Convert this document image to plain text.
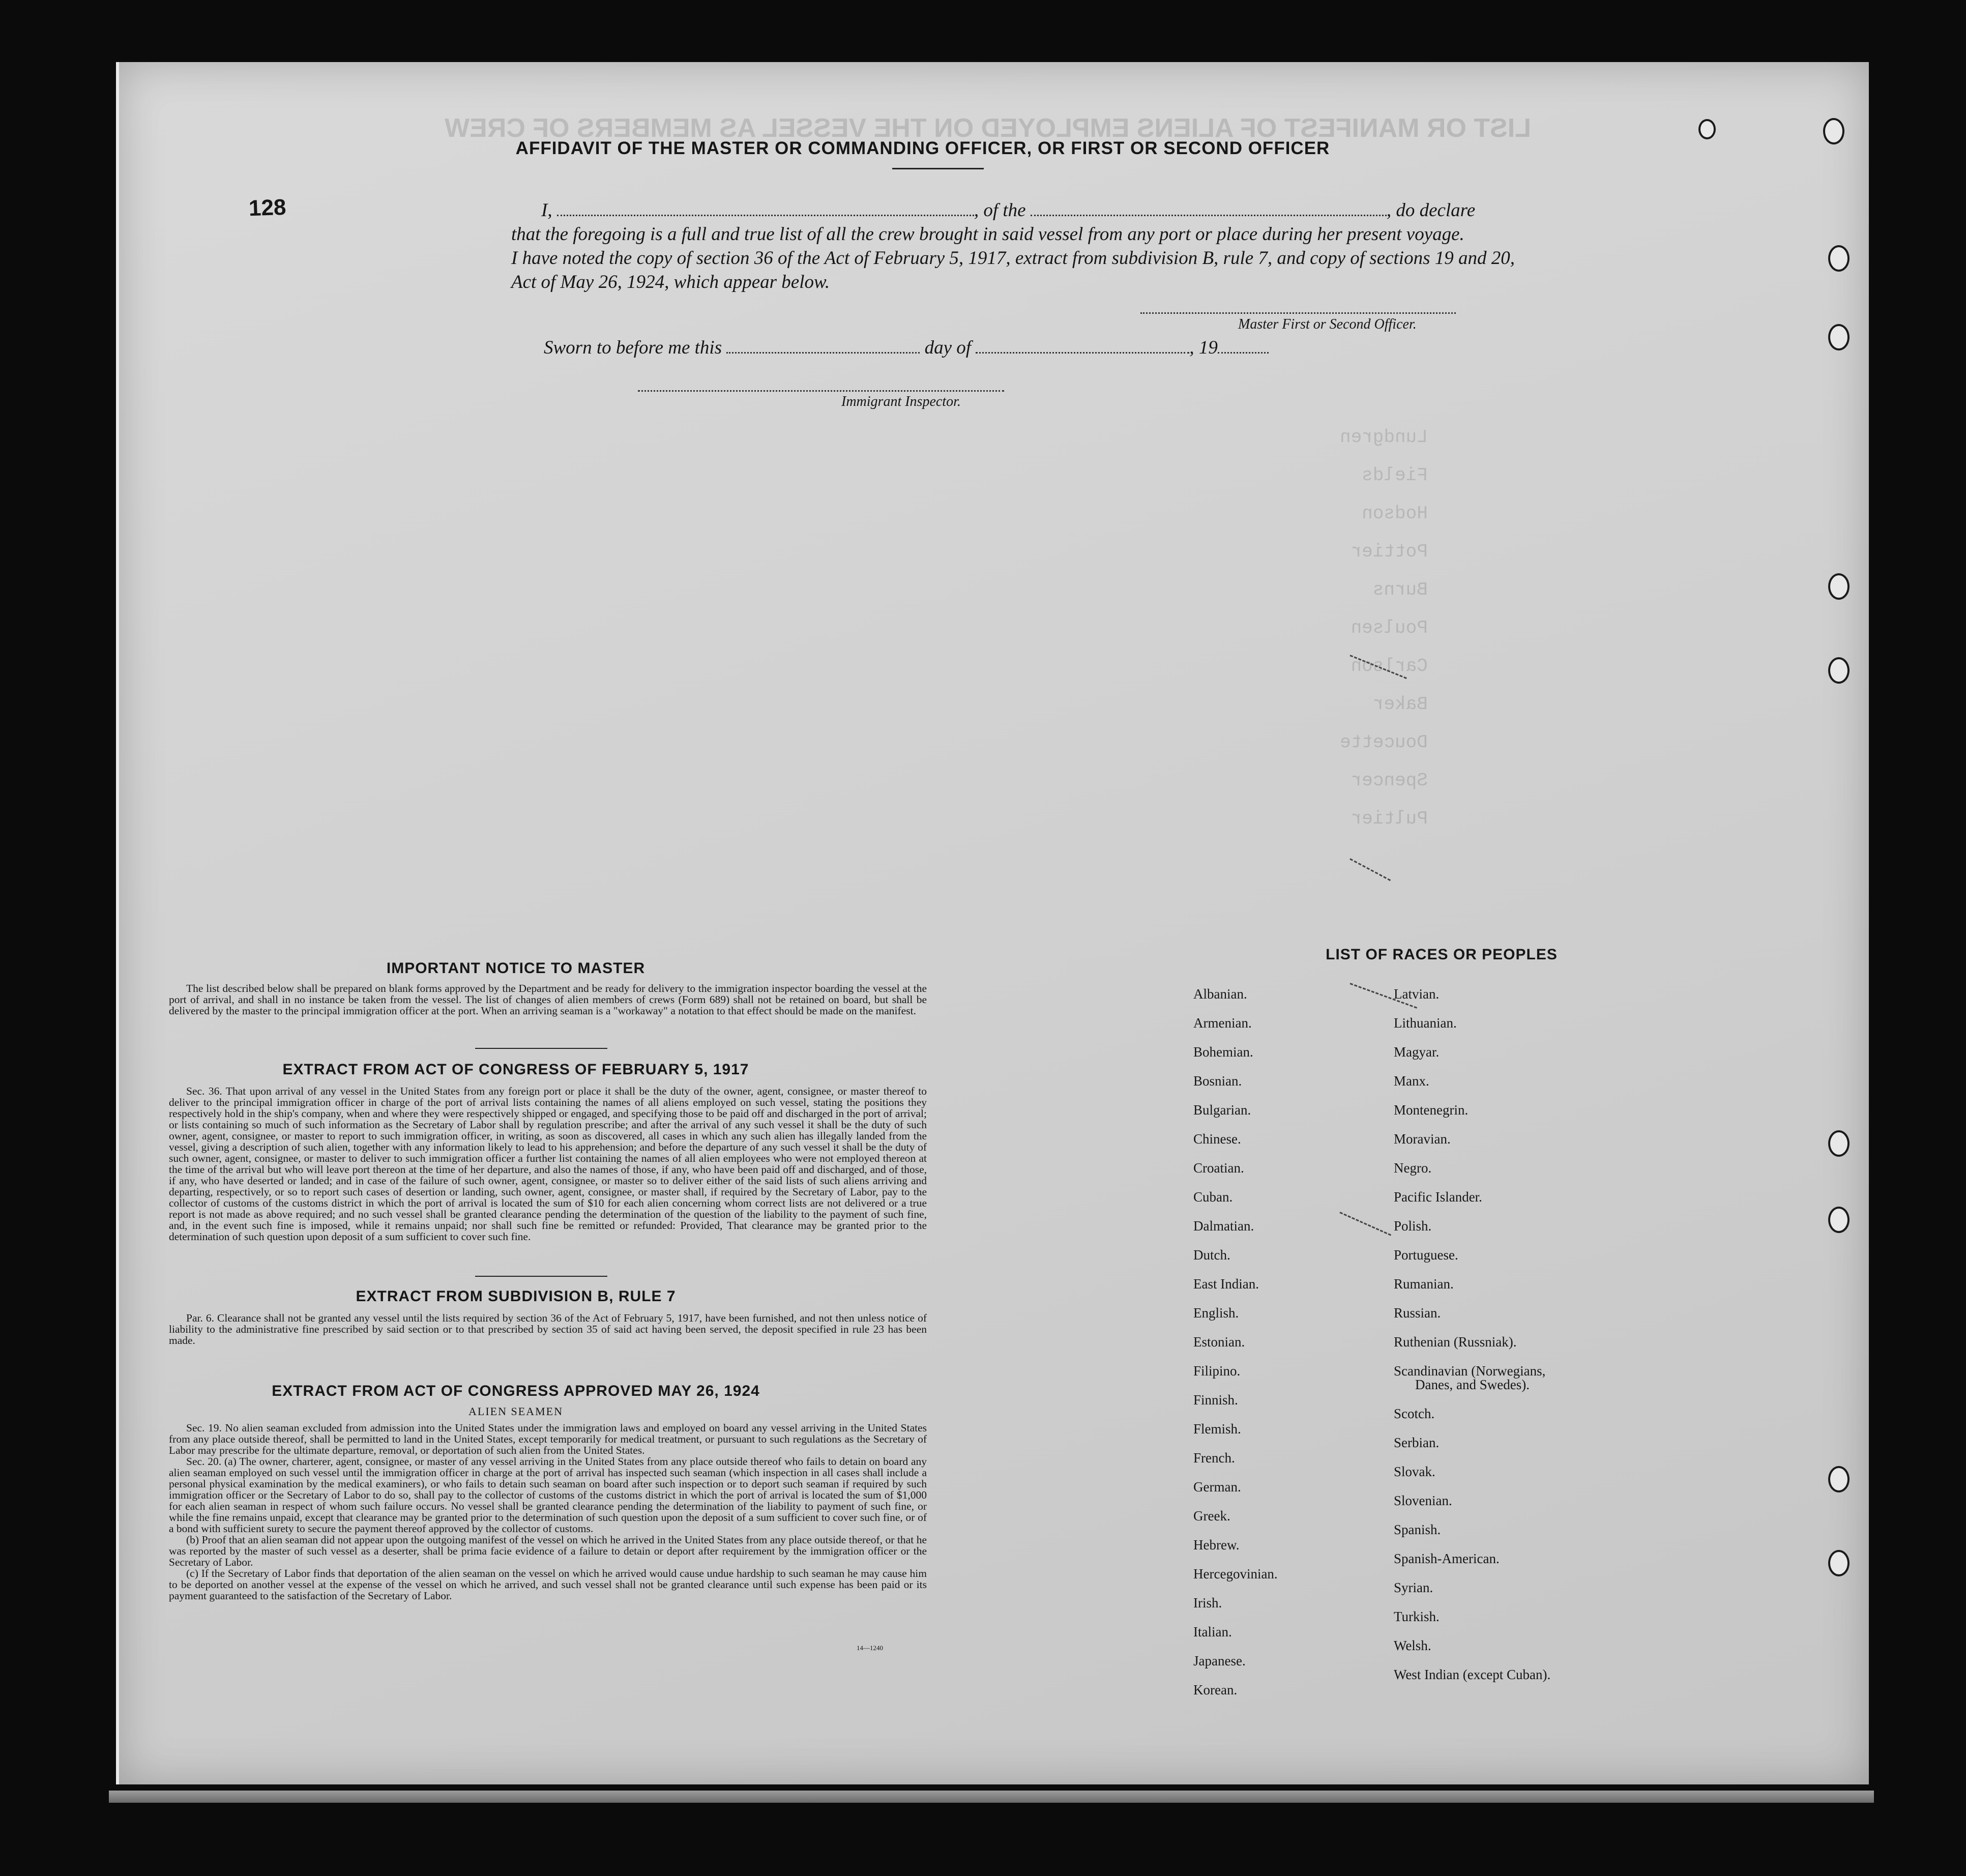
LIST OR MANIFEST OF ALIENS EMPLOYED ON THE VESSEL AS MEMBERS OF CREW
Lundgren
Fields
Hodson
Pottier
Burns
Poulsen
Carlson
Baker
Doucette
Spencer
Pultier
AFFIDAVIT OF THE MASTER OR COMMANDING OFFICER, OR FIRST OR SECOND OFFICER
128	I,	, of the	, do declare
that the foregoing is a full and true list of all the crew brought in said vessel from any port or place during her present voyage.
I have noted the copy of section 36 of the Act of February 5, 1917, extract from subdivision B, rule 7, and copy of sections 19 and 20,
Act of May 26, 1924, which appear below.
Master First or Second Officer.
Sworn to before me this	day of	, 19
Immigrant Inspector.
IMPORTANT NOTICE TO MASTER

The list described below shall be prepared on blank forms approved by the Department and be ready for delivery to the immigration inspector boarding the vessel at the port of arrival, and shall in no instance be taken from the vessel. The list of changes of alien members of crews (Form 689) shall not be retained on board, but shall be delivered by the master to the principal immigration officer at the port. When an arriving seaman is a "workaway" a notation to that effect should be made on the manifest.

EXTRACT FROM ACT OF CONGRESS OF FEBRUARY 5, 1917

Sec. 36. That upon arrival of any vessel in the United States from any foreign port or place it shall be the duty of the owner, agent, consignee, or master thereof to deliver to the principal immigration officer in charge of the port of arrival lists containing the names of all aliens employed on such vessel, stating the positions they respectively hold in the ship's company, when and where they were respectively shipped or engaged, and specifying those to be paid off and discharged in the port of arrival; or lists containing so much of such information as the Secretary of Labor shall by regulation prescribe; and after the arrival of any such vessel it shall be the duty of such owner, agent, consignee, or master to report to such immigration officer, in writing, as soon as discovered, all cases in which any such alien has illegally landed from the vessel, giving a description of such alien, together with any information likely to lead to his apprehension; and before the departure of any such vessel it shall be the duty of such owner, agent, consignee, or master to deliver to such immigration officer a further list containing the names of all alien employees who were not employed thereon at the time of the arrival but who will leave port thereon at the time of her departure, and also the names of those, if any, who have been paid off and discharged, and of those, if any, who have deserted or landed; and in case of the failure of such owner, agent, consignee, or master so to deliver either of the said lists of such aliens arriving and departing, respectively, or so to report such cases of desertion or landing, such owner, agent, consignee, or master shall, if required by the Secretary of Labor, pay to the collector of customs of the customs district in which the port of arrival is located the sum of $10 for each alien concerning whom correct lists are not delivered or a true report is not made as above required; and no such vessel shall be granted clearance pending the determination of the question of the liability to the payment of such fine, and, in the event such fine is imposed, while it remains unpaid; nor shall such fine be remitted or refunded: Provided, That clearance may be granted prior to the determination of such question upon deposit of a sum sufficient to cover such fine.

EXTRACT FROM SUBDIVISION B, RULE 7

Par. 6. Clearance shall not be granted any vessel until the lists required by section 36 of the Act of February 5, 1917, have been furnished, and not then unless notice of liability to the administrative fine prescribed by said section or to that prescribed by section 35 of said act having been served, the deposit specified in rule 23 has been made.

EXTRACT FROM ACT OF CONGRESS APPROVED MAY 26, 1924
ALIEN SEAMEN

Sec. 19. No alien seaman excluded from admission into the United States under the immigration laws and employed on board any vessel arriving in the United States from any place outside thereof, shall be permitted to land in the United States, except temporarily for medical treatment, or pursuant to such regulations as the Secretary of Labor may prescribe for the ultimate departure, removal, or deportation of such alien from the United States.

Sec. 20. (a) The owner, charterer, agent, consignee, or master of any vessel arriving in the United States from any place outside thereof who fails to detain on board any alien seaman employed on such vessel until the immigration officer in charge at the port of arrival has inspected such seaman (which inspection in all cases shall include a personal physical examination by the medical examiners), or who fails to detain such seaman on board after such inspection or to deport such seaman if required by such immigration officer or the Secretary of Labor to do so, shall pay to the collector of customs of the customs district in which the port of arrival is located the sum of $1,000 for each alien seaman in respect of whom such failure occurs. No vessel shall be granted clearance pending the determination of the liability to payment of such fine, or while the fine remains unpaid, except that clearance may be granted prior to the determination of such question upon the deposit of a sum sufficient to cover such fine, or of a bond with sufficient surety to secure the payment thereof approved by the collector of customs.

(b) Proof that an alien seaman did not appear upon the outgoing manifest of the vessel on which he arrived in the United States from any place outside thereof, or that he was reported by the master of such vessel as a deserter, shall be prima facie evidence of a failure to detain or deport after requirement by the immigration officer or the Secretary of Labor.

(c) If the Secretary of Labor finds that deportation of the alien seaman on the vessel on which he arrived would cause undue hardship to such seaman he may cause him to be deported on another vessel at the expense of the vessel on which he arrived, and such vessel shall not be granted clearance until such expense has been paid or its payment guaranteed to the satisfaction of the Secretary of Labor.

14—1240
LIST OF RACES OR PEOPLES
Albanian.
Armenian.
Bohemian.
Bosnian.
Bulgarian.
Chinese.
Croatian.
Cuban.
Dalmatian.
Dutch.
East Indian.
English.
Estonian.
Filipino.
Finnish.
Flemish.
French.
German.
Greek.
Hebrew.
Hercegovinian.
Irish.
Italian.
Japanese.
Korean.
Latvian.
Lithuanian.
Magyar.
Manx.
Montenegrin.
Moravian.
Negro.
Pacific Islander.
Polish.
Portuguese.
Rumanian.
Russian.
Ruthenian (Russniak).
Scandinavian (Norwegians,
Danes, and Swedes).
Scotch.
Serbian.
Slovak.
Slovenian.
Spanish.
Spanish-American.
Syrian.
Turkish.
Welsh.
West Indian (except Cuban).
